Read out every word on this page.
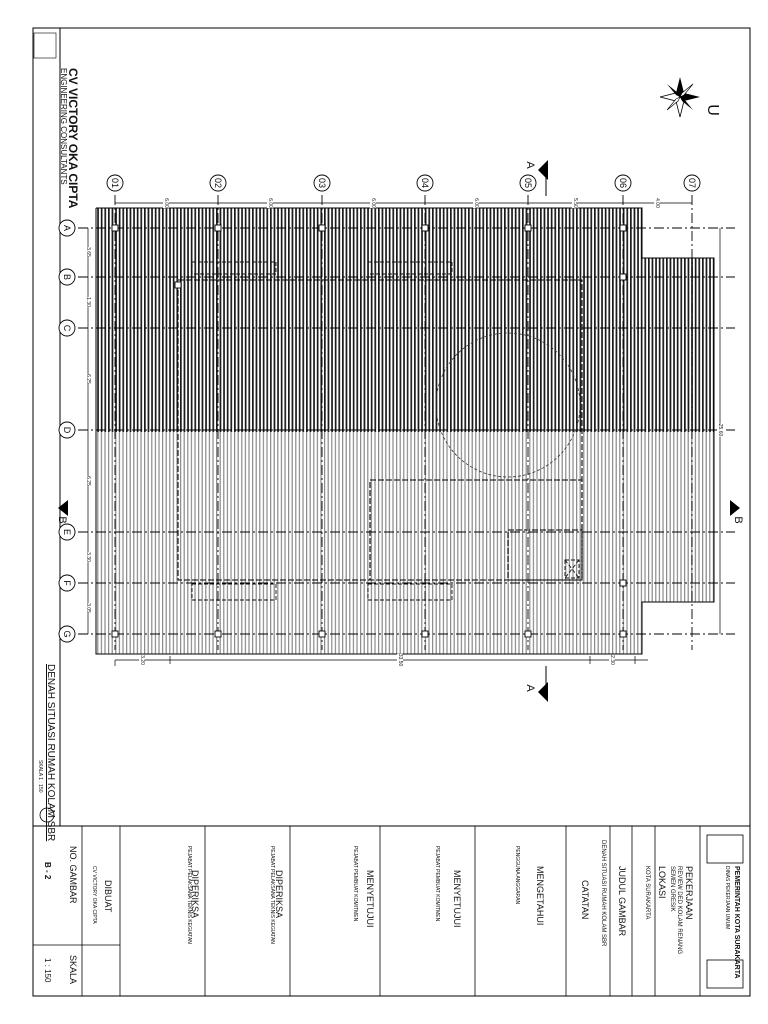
CV VICTORY OKA CIPTA
ENGINEERING CONSULTANTS	U
A
A
B	B
01	02	03	04	05	06	07
A
B
C
D
E
F
G
6.00	6.00	6.00	6.00	5.50	4.00
3.65
1.30
6.25
6.25
3.30
3.05
25.60
33.50
3.20	2.30
DENAH SITUASI RUMAH KOLAM SBR
SKALA 1 : 150
PEMERINTAH KOTA SURAKARTA
DINAS PEKERJAAN UMUM
PEKERJAAN
REVIEW DED KOLAM RENANG
SEMEN GRESIK
LOKASI
KOTA SURAKARTA
JUDUL GAMBAR
DENAH SITUASI RUMAH KOLAM SBR
CATATAN
MENGETAHUI
PENGGUNA ANGGARAN
MENYETUJUI
PEJABAT PEMBUAT KOMITMEN
MENYETUJUI
PEJABAT PEMBUAT KOMITMEN
DIPERIKSA
PEJABAT PELAKSANA TEKNIS KEGIATAN
DIPERIKSA
PEJABAT PELAKSANA TEKNIS KEGIATAN
DIBUAT
CV VICTORY OKA CIPTA
NO. GAMBAR
B - 2
SKALA
1 : 150
